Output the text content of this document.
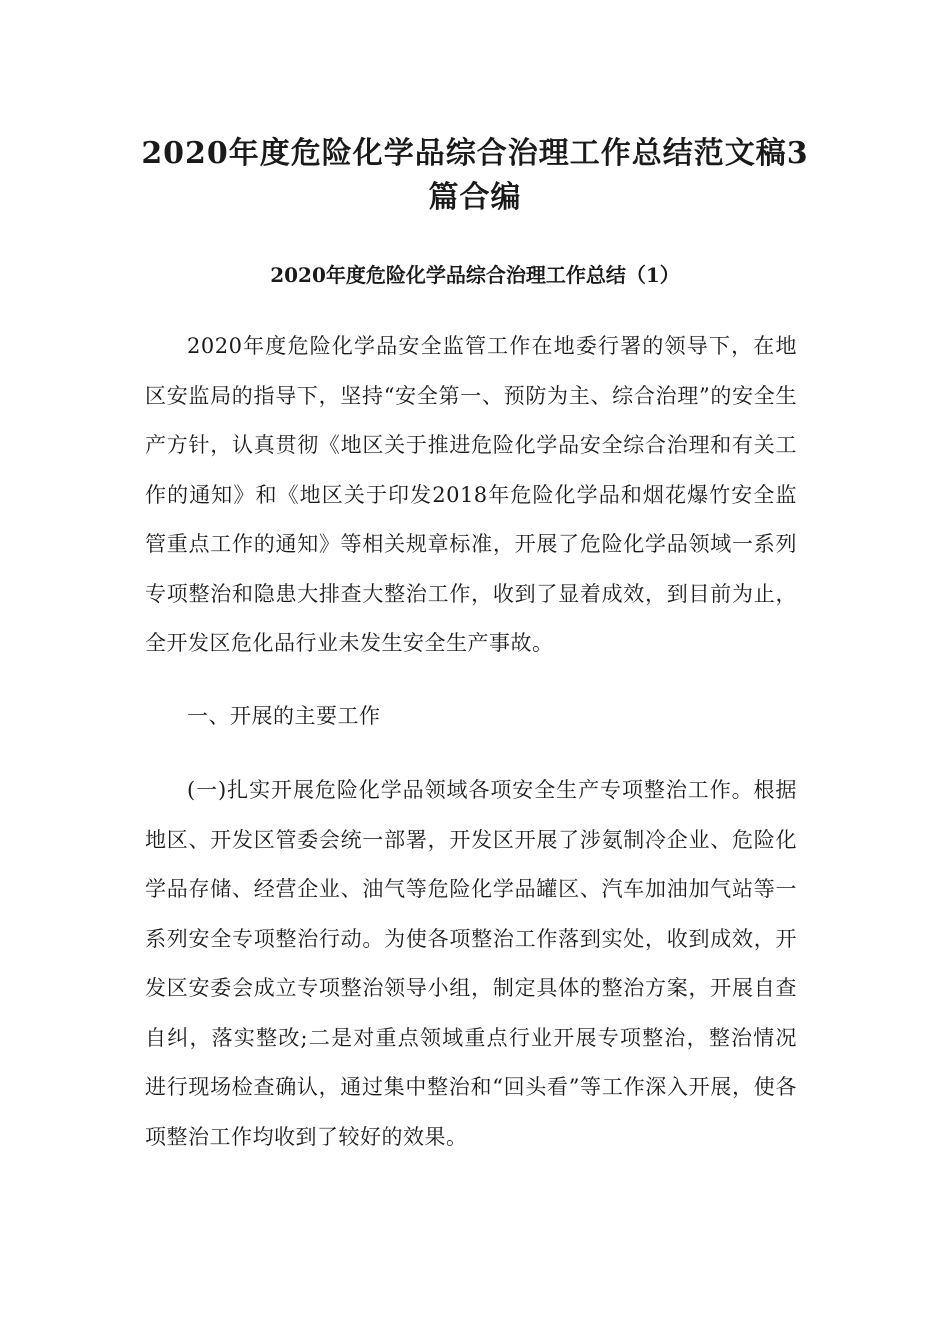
2020年度危险化学品综合治理工作总结范文稿3篇合编
2020年度危险化学品综合治理工作总结（1）

2020年度危险化学品安全监管工作在地委行署的领导下，在地区安监局的指导下，坚持“安全第一、预防为主、综合治理”的安全生产方针，认真贯彻《地区关于推进危险化学品安全综合治理和有关工作的通知》和《地区关于印发2018年危险化学品和烟花爆竹安全监管重点工作的通知》等相关规章标准，开展了危险化学品领域一系列专项整治和隐患大排查大整治工作，收到了显着成效，到目前为止，全开发区危化品行业未发生安全生产事故。

一、开展的主要工作

(一)扎实开展危险化学品领域各项安全生产专项整治工作。根据地区、开发区管委会统一部署，开发区开展了涉氨制冷企业、危险化学品存储、经营企业、油气等危险化学品罐区、汽车加油加气站等一系列安全专项整治行动。为使各项整治工作落到实处，收到成效，开发区安委会成立专项整治领导小组，制定具体的整治方案，开展自查自纠，落实整改;二是对重点领域重点行业开展专项整治，整治情况进行现场检查确认，通过集中整治和“回头看”等工作深入开展，使各项整治工作均收到了较好的效果。
